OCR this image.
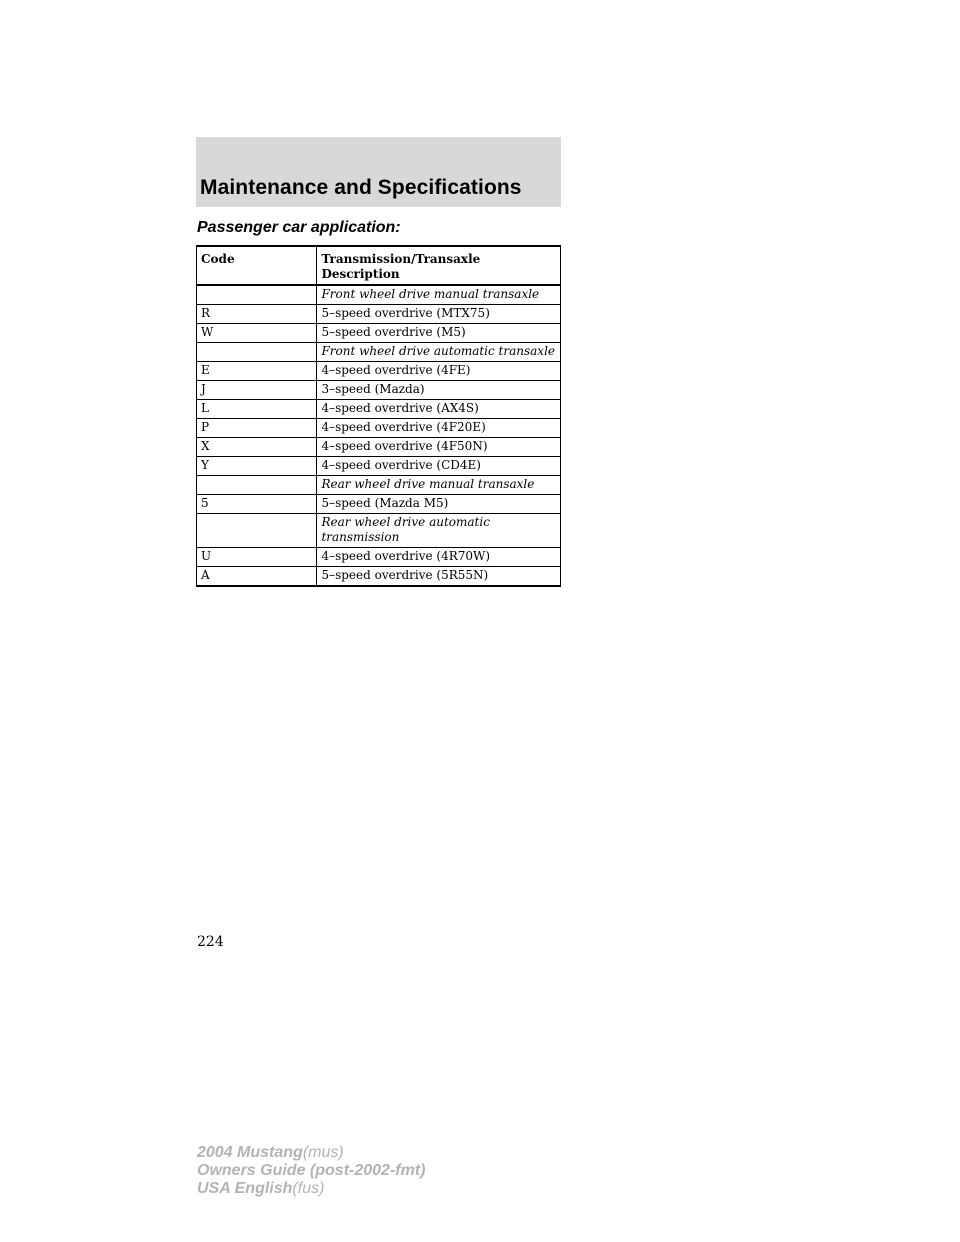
Maintenance and Specifications
Passenger car application:
Code	Transmission/Transaxle Description
	Front wheel drive manual transaxle
R	5–speed overdrive (MTX75)
W	5–speed overdrive (M5)
	Front wheel drive automatic transaxle
E	4–speed overdrive (4FE)
J	3–speed (Mazda)
L	4–speed overdrive (AX4S)
P	4–speed overdrive (4F20E)
X	4–speed overdrive (4F50N)
Y	4–speed overdrive (CD4E)
	Rear wheel drive manual transaxle
5	5–speed (Mazda M5)
	Rear wheel drive automatic transmission
U	4–speed overdrive (4R70W)
A	5–speed overdrive (5R55N)
224
2004 Mustang(mus)
Owners Guide (post-2002-fmt)
USA English(fus)
